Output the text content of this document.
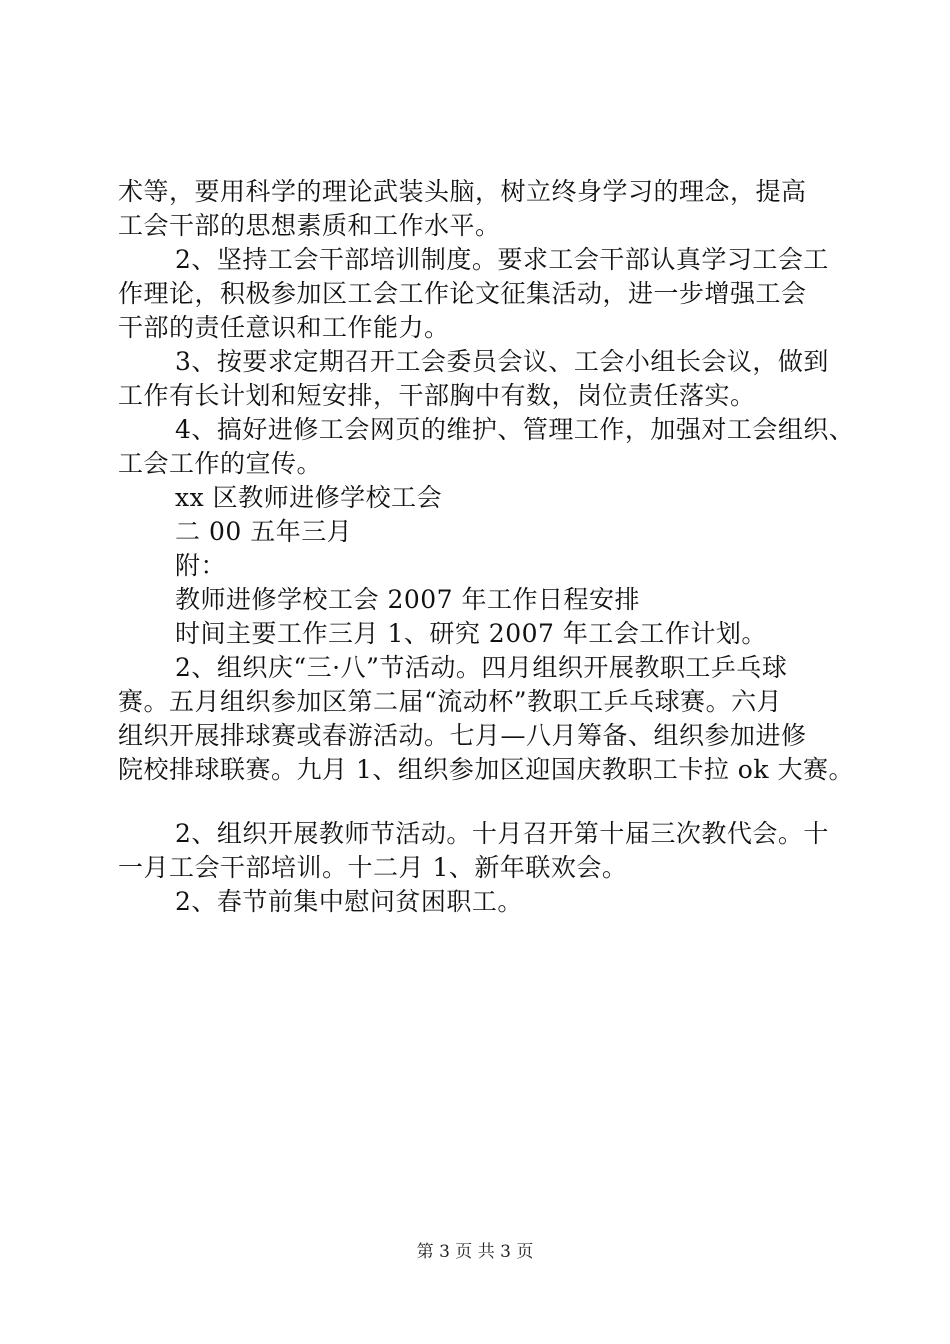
术等，要用科学的理论武装头脑，树立终身学习的理念，提高
工会干部的思想素质和工作水平。
2、坚持工会干部培训制度。要求工会干部认真学习工会工
作理论，积极参加区工会工作论文征集活动，进一步增强工会
干部的责任意识和工作能力。
3、按要求定期召开工会委员会议、工会小组长会议，做到
工作有长计划和短安排，干部胸中有数，岗位责任落实。
4、搞好进修工会网页的维护、管理工作，加强对工会组织、
工会工作的宣传。
xx 区教师进修学校工会
二 00 五年三月
附：
教师进修学校工会 2007 年工作日程安排
时间主要工作三月 1、研究 2007 年工会工作计划。
2、组织庆“三·八”节活动。四月组织开展教职工乒乓球
赛。五月组织参加区第二届“流动杯”教职工乒乓球赛。六月
组织开展排球赛或春游活动。七月—八月筹备、组织参加进修
院校排球联赛。九月 1、组织参加区迎国庆教职工卡拉 ok 大赛。
2、组织开展教师节活动。十月召开第十届三次教代会。十
一月工会干部培训。十二月 1、新年联欢会。
2、春节前集中慰问贫困职工。
第 3 页 共 3 页
